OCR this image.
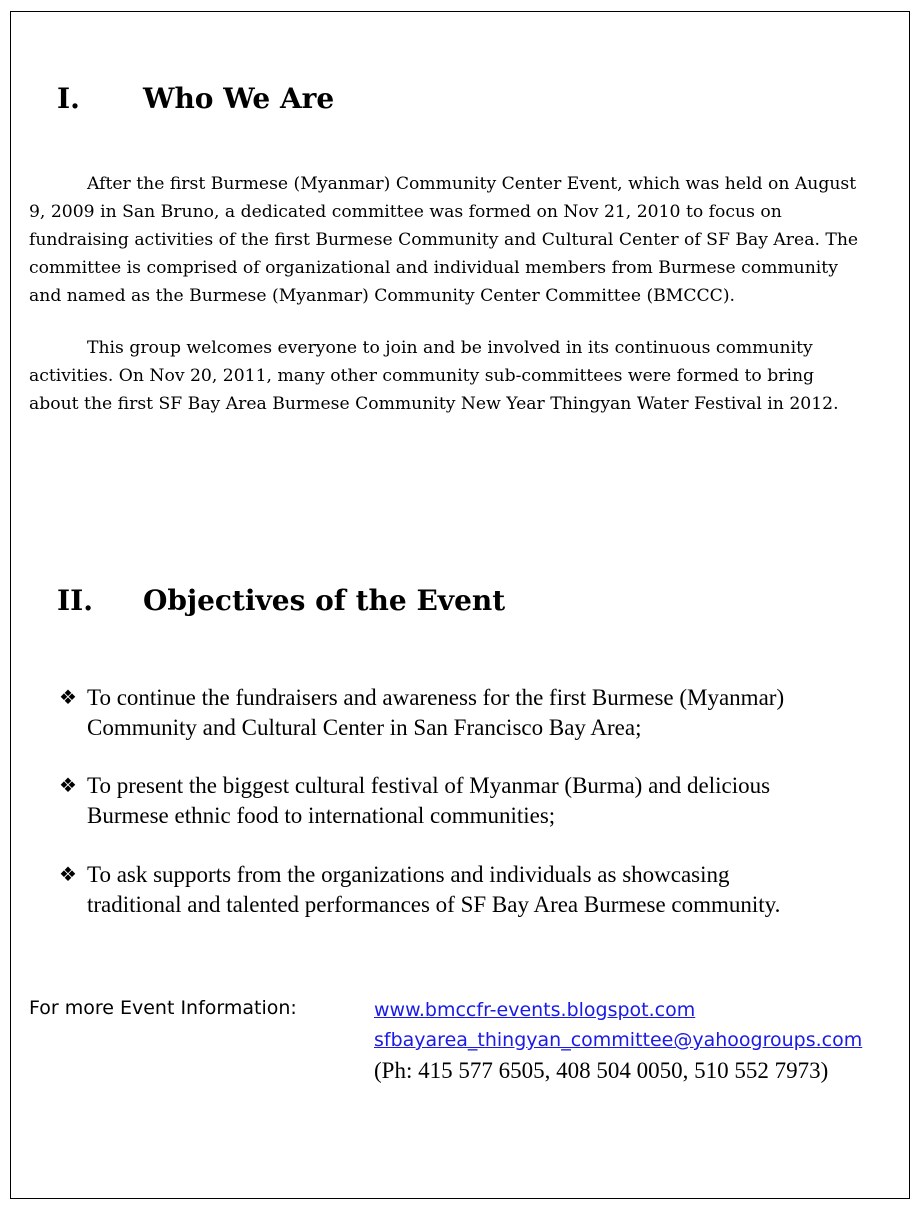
I. Who We Are
After the first Burmese (Myanmar) Community Center Event, which was held on August
9, 2009 in San Bruno, a dedicated committee was formed on Nov 21, 2010 to focus on
fundraising activities of the first Burmese Community and Cultural Center of SF Bay Area. The
committee is comprised of organizational and individual members from Burmese community
and named as the Burmese (Myanmar) Community Center Committee (BMCCC).
This group welcomes everyone to join and be involved in its continuous community
activities. On Nov 20, 2011, many other community sub-committees were formed to bring
about the first SF Bay Area Burmese Community New Year Thingyan Water Festival in 2012.
II. Objectives of the Event
❖ To continue the fundraisers and awareness for the first Burmese (Myanmar)
Community and Cultural Center in San Francisco Bay Area;
❖ To present the biggest cultural festival of Myanmar (Burma) and delicious
Burmese ethnic food to international communities;
❖ To ask supports from the organizations and individuals as showcasing
traditional and talented performances of SF Bay Area Burmese community.
For more Event Information:	www.bmccfr-events.blogspot.com
sfbayarea_thingyan_committee@yahoogroups.com
(Ph: 415 577 6505, 408 504 0050, 510 552 7973)
